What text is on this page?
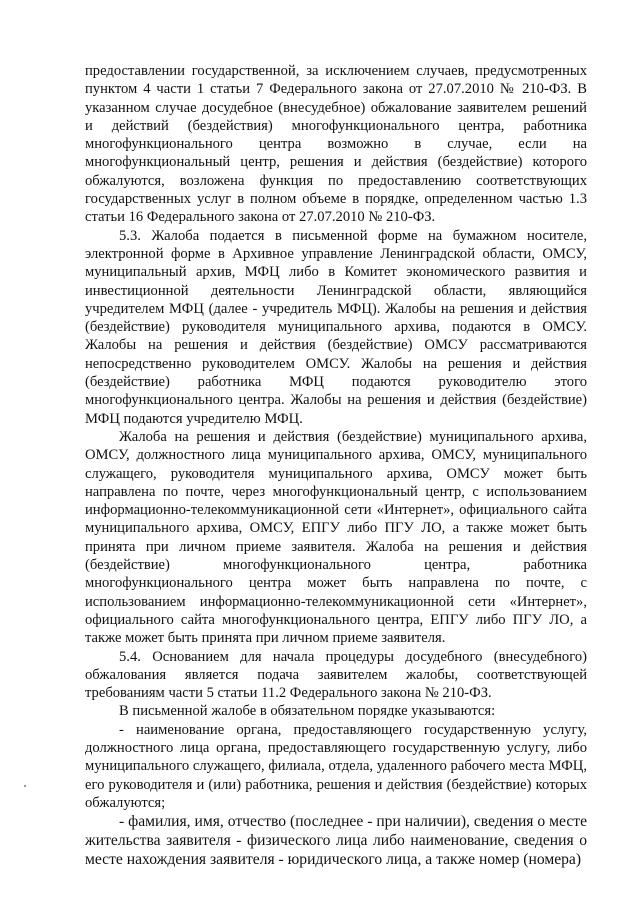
предоставлении государственной, за исключением случаев, предусмотренных пунктом 4 части 1 статьи 7 Федерального закона от 27.07.2010 № 210-ФЗ. В указанном случае досудебное (внесудебное) обжалование заявителем решений и действий (бездействия) многофункционального центра, работника многофункционального центра возможно в случае, если на многофункциональный центр, решения и действия (бездействие) которого обжалуются, возложена функция по предоставлению соответствующих государственных услуг в полном объеме в порядке, определенном частью 1.3 статьи 16 Федерального закона от 27.07.2010 № 210-ФЗ.

5.3. Жалоба подается в письменной форме на бумажном носителе, электронной форме в Архивное управление Ленинградской области, ОМСУ, муниципальный архив, МФЦ либо в Комитет экономического развития и инвестиционной деятельности Ленинградской области, являющийся учредителем МФЦ (далее - учредитель МФЦ). Жалобы на решения и действия (бездействие) руководителя муниципального архива, подаются в ОМСУ. Жалобы на решения и действия (бездействие) ОМСУ рассматриваются непосредственно руководителем ОМСУ. Жалобы на решения и действия (бездействие) работника МФЦ подаются руководителю этого многофункционального центра. Жалобы на решения и действия (бездействие) МФЦ подаются учредителю МФЦ.

Жалоба на решения и действия (бездействие) муниципального архива, ОМСУ, должностного лица муниципального архива, ОМСУ, муниципального служащего, руководителя муниципального архива, ОМСУ может быть направлена по почте, через многофункциональный центр, с использованием информационно-телекоммуникационной сети «Интернет», официального сайта муниципального архива, ОМСУ, ЕПГУ либо ПГУ ЛО, а также может быть принята при личном приеме заявителя. Жалоба на решения и действия (бездействие) многофункционального центра, работника многофункционального центра может быть направлена по почте, с использованием информационно-телекоммуникационной сети «Интернет», официального сайта многофункционального центра, ЕПГУ либо ПГУ ЛО, а также может быть принята при личном приеме заявителя.

5.4. Основанием для начала процедуры досудебного (внесудебного) обжалования является подача заявителем жалобы, соответствующей требованиям части 5 статьи 11.2 Федерального закона № 210-ФЗ.

В письменной жалобе в обязательном порядке указываются:

- наименование органа, предоставляющего государственную услугу, должностного лица органа, предоставляющего государственную услугу, либо муниципального служащего, филиала, отдела, удаленного рабочего места МФЦ, его руководителя и (или) работника, решения и действия (бездействие) которых обжалуются;

- фамилия, имя, отчество (последнее - при наличии), сведения о месте жительства заявителя - физического лица либо наименование, сведения о месте нахождения заявителя - юридического лица, а также номер (номера)
